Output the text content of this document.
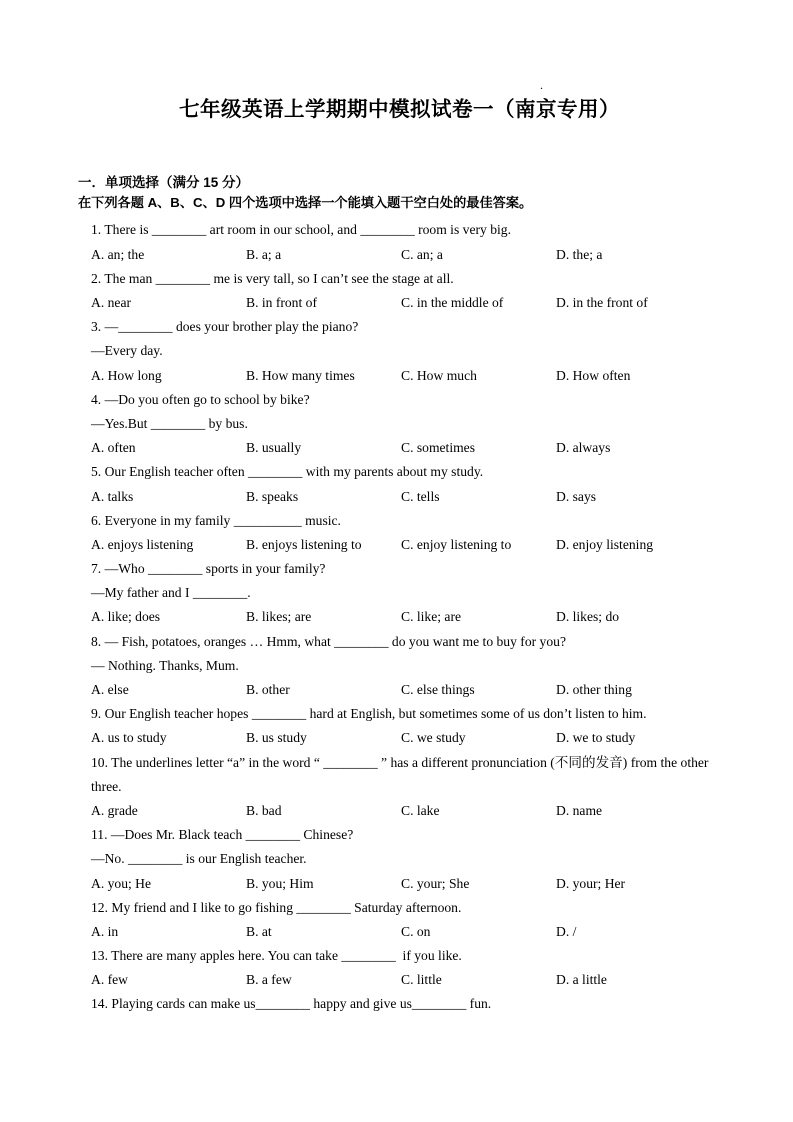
.
七年级英语上学期期中模拟试卷一（南京专用）
一．单项选择（满分 15 分）
在下列各题 A、B、C、D 四个选项中选择一个能填入题干空白处的最佳答案。
1. There is ________ art room in our school, and ________ room is very big.
A. an; the	B. a; a	C. an; a	D. the; a
2. The man ________ me is very tall, so I can’t see the stage at all.
A. near	B. in front of	C. in the middle of	D. in the front of
3. —________ does your brother play the piano?
—Every day.
A. How long	B. How many times	C. How much	D. How often
4. —Do you often go to school by bike?
—Yes.But ________ by bus.
A. often	B. usually	C. sometimes	D. always
5. Our English teacher often ________ with my parents about my study.
A. talks	B. speaks	C. tells	D. says
6. Everyone in my family __________ music.
A. enjoys listening	B. enjoys listening to	C. enjoy listening to	D. enjoy listening
7. —Who ________ sports in your family?
—My father and I ________.
A. like; does	B. likes; are	C. like; are	D. likes; do
8. — Fish, potatoes, oranges … Hmm, what ________ do you want me to buy for you?
— Nothing. Thanks, Mum.
A. else	B. other	C. else things	D. other thing
9. Our English teacher hopes ________ hard at English, but sometimes some of us don’t listen to him.
A. us to study	B. us study	C. we study	D. we to study
10. The underlines letter “a” in the word “ ________ ” has a different pronunciation (不同的发音) from the other
three.
A. grade	B. bad	C. lake	D. name
11. —Does Mr. Black teach ________ Chinese?
—No. ________ is our English teacher.
A. you; He	B. you; Him	C. your; She	D. your; Her
12. My friend and I like to go fishing ________ Saturday afternoon.
A. in	B. at	C. on	D. /
13. There are many apples here. You can take ________  if you like.
A. few	B. a few	C. little	D. a little
14. Playing cards can make us________ happy and give us________ fun.
